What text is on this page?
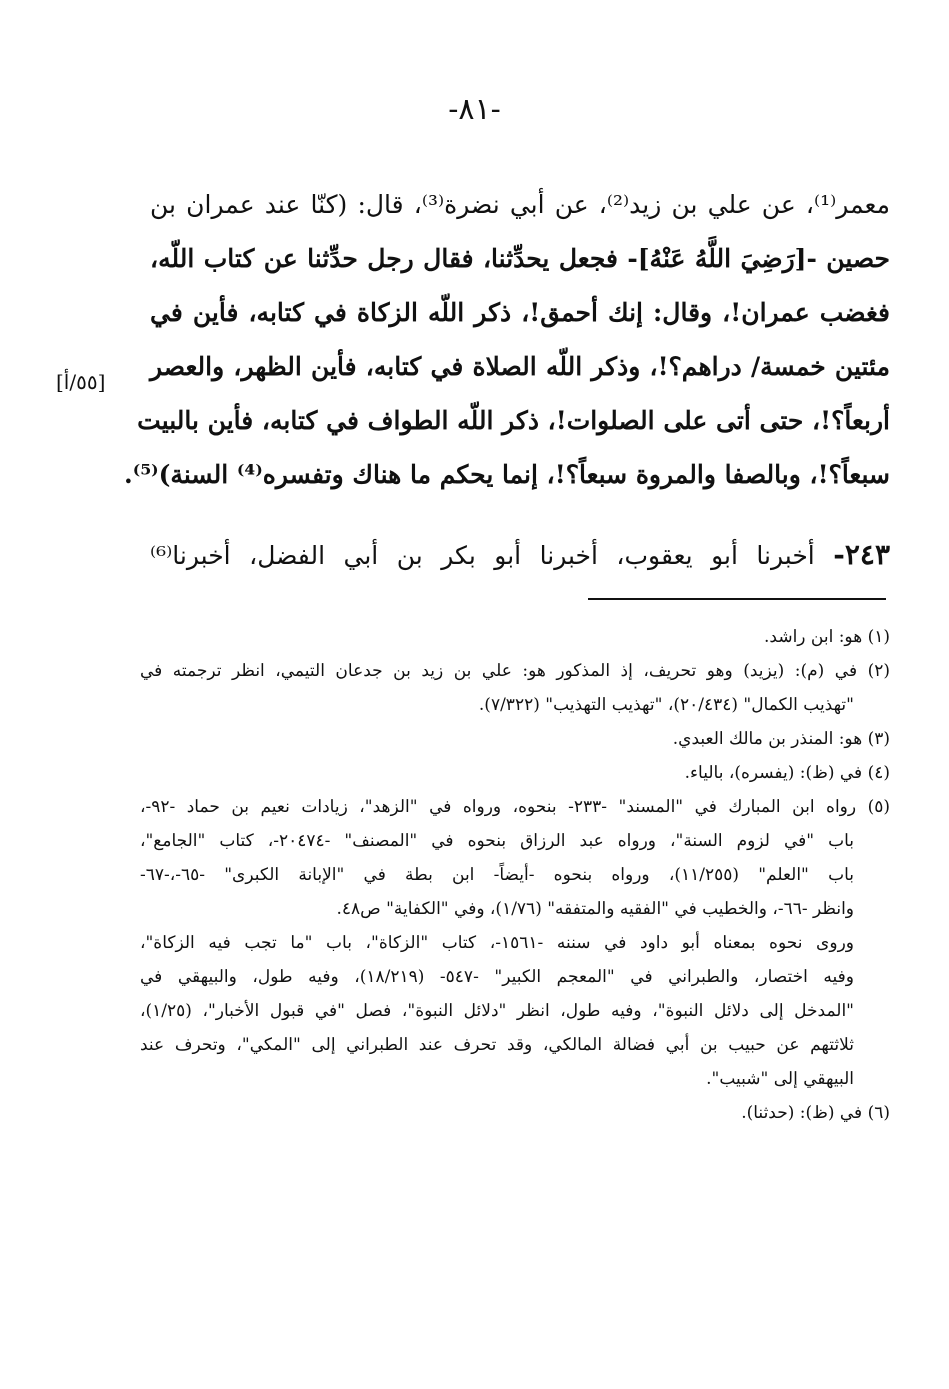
-٨١-
[٥٥/أ]
معمر⁽¹⁾، عن علي بن زيد⁽²⁾، عن أبي نضرة⁽³⁾، قال: (كنّا عند عمران بن
حصين -[رَضِيَ اللَّهُ عَنْهُ]- فجعل يحدِّثنا، فقال رجل حدِّثنا عن كتاب اللّه،
فغضب عمران!، وقال: إنك أحمق!، ذكر اللّه الزكاة في كتابه، فأين في
مئتين خمسة/ دراهم؟!، وذكر اللّه الصلاة في كتابه، فأين الظهر، والعصر
أربعاً؟!، حتى أتى على الصلوات!، ذكر اللّه الطواف في كتابه، فأين بالبيت
سبعاً؟!، وبالصفا والمروة سبعاً؟!، إنما يحكم ما هناك وتفسره⁽⁴⁾ السنة)⁽⁵⁾.
٢٤٣- أخبرنا أبو يعقوب، أخبرنا أبو بكر بن أبي الفضل، أخبرنا⁽⁶⁾
(١) هو: ابن راشد.
(٢) في (م): (يزيد) وهو تحريف، إذ المذكور هو: علي بن زيد بن جدعان التيمي، انظر ترجمته في
"تهذيب الكمال" (٢٠/٤٣٤)، "تهذيب التهذيب" (٧/٣٢٢).
(٣) هو: المنذر بن مالك العبدي.
(٤) في (ظ): (يفسره)، بالياء.
(٥) رواه ابن المبارك في "المسند" -٢٣٣- بنحوه، ورواه في "الزهد"، زيادات نعيم بن حماد -٩٢-،
باب "في لزوم السنة"، ورواه عبد الرزاق بنحوه في "المصنف" -٢٠٤٧٤-، كتاب "الجامع"،
باب "العلم" (١١/٢٥٥)، ورواه بنحوه -أيضاً- ابن بطة في "الإبانة الكبرى" -٦٥-،-٦٧-
وانظر -٦٦-، والخطيب في "الفقيه والمتفقه" (١/٧٦)، وفي "الكفاية" ص٤٨.
وروى نحوه بمعناه أبو داود في سننه -١٥٦١-، كتاب "الزكاة"، باب "ما تجب فيه الزكاة"،
وفيه اختصار، والطبراني في "المعجم الكبير" -٥٤٧- (١٨/٢١٩)، وفيه طول، والبيهقي في
"المدخل إلى دلائل النبوة"، وفيه طول، انظر "دلائل النبوة"، فصل "في قبول الأخبار"، (١/٢٥)،
ثلاثتهم عن حبيب بن أبي فضالة المالكي، وقد تحرف عند الطبراني إلى "المكي"، وتحرف عند
البيهقي إلى "شبيب".
(٦) في (ظ): (حدثنا).
